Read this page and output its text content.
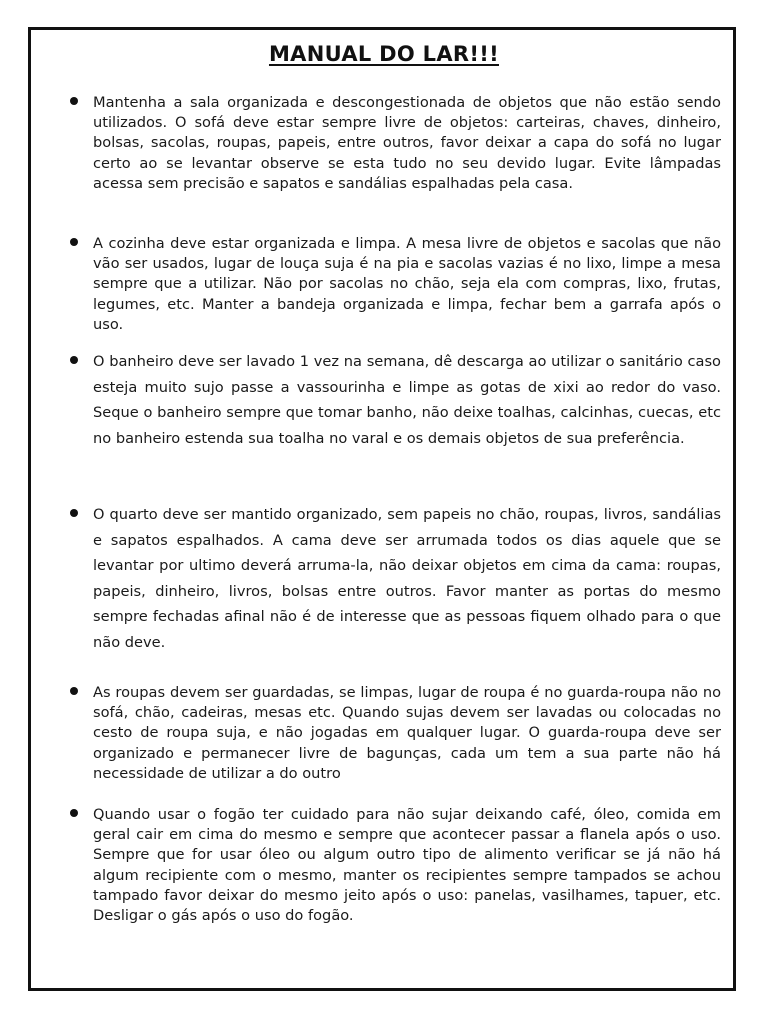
MANUAL DO LAR!!!
Mantenha a sala organizada e descongestionada de objetos que não estão sendo utilizados. O sofá deve estar sempre livre de objetos: carteiras, chaves, dinheiro, bolsas, sacolas, roupas, papeis, entre outros, favor deixar a capa do sofá no lugar certo ao se levantar observe se esta tudo no seu devido lugar. Evite lâmpadas acessa sem precisão e sapatos e sandálias espalhadas pela casa.
A cozinha deve estar organizada e limpa. A mesa livre de objetos e sacolas que não vão ser usados, lugar de louça suja é na pia e sacolas vazias é no lixo, limpe a mesa sempre que a utilizar. Não por sacolas no chão, seja ela com compras, lixo, frutas, legumes, etc. Manter a bandeja organizada e limpa, fechar bem a garrafa após o uso.
O banheiro deve ser lavado 1 vez na semana, dê descarga ao utilizar o sanitário caso esteja muito sujo passe a vassourinha e limpe as gotas de xixi ao redor do vaso. Seque o banheiro sempre que tomar banho, não deixe toalhas, calcinhas, cuecas, etc no banheiro estenda sua toalha no varal e os demais objetos de sua preferência.
O quarto deve ser mantido organizado, sem papeis no chão, roupas, livros, sandálias e sapatos espalhados. A cama deve ser arrumada todos os dias aquele que se levantar por ultimo deverá arruma-la, não deixar objetos em cima da cama: roupas, papeis, dinheiro, livros, bolsas entre outros. Favor manter as portas do mesmo sempre fechadas afinal não é de interesse que as pessoas fiquem olhado para o que não deve.
As roupas devem ser guardadas, se limpas, lugar de roupa é no guarda-roupa não no sofá, chão, cadeiras, mesas etc. Quando sujas devem ser lavadas ou colocadas no cesto de roupa suja, e não jogadas em qualquer lugar. O guarda-roupa deve ser organizado e permanecer livre de bagunças, cada um tem a sua parte não há necessidade de utilizar a do outro
Quando usar o fogão ter cuidado para não sujar deixando café, óleo, comida em geral cair em cima do mesmo e sempre que acontecer passar a flanela após o uso. Sempre que for usar óleo ou algum outro tipo de alimento verificar se já não há algum recipiente com o mesmo, manter os recipientes sempre tampados se achou tampado favor deixar do mesmo jeito após o uso: panelas, vasilhames, tapuer, etc. Desligar o gás após o uso do fogão.
